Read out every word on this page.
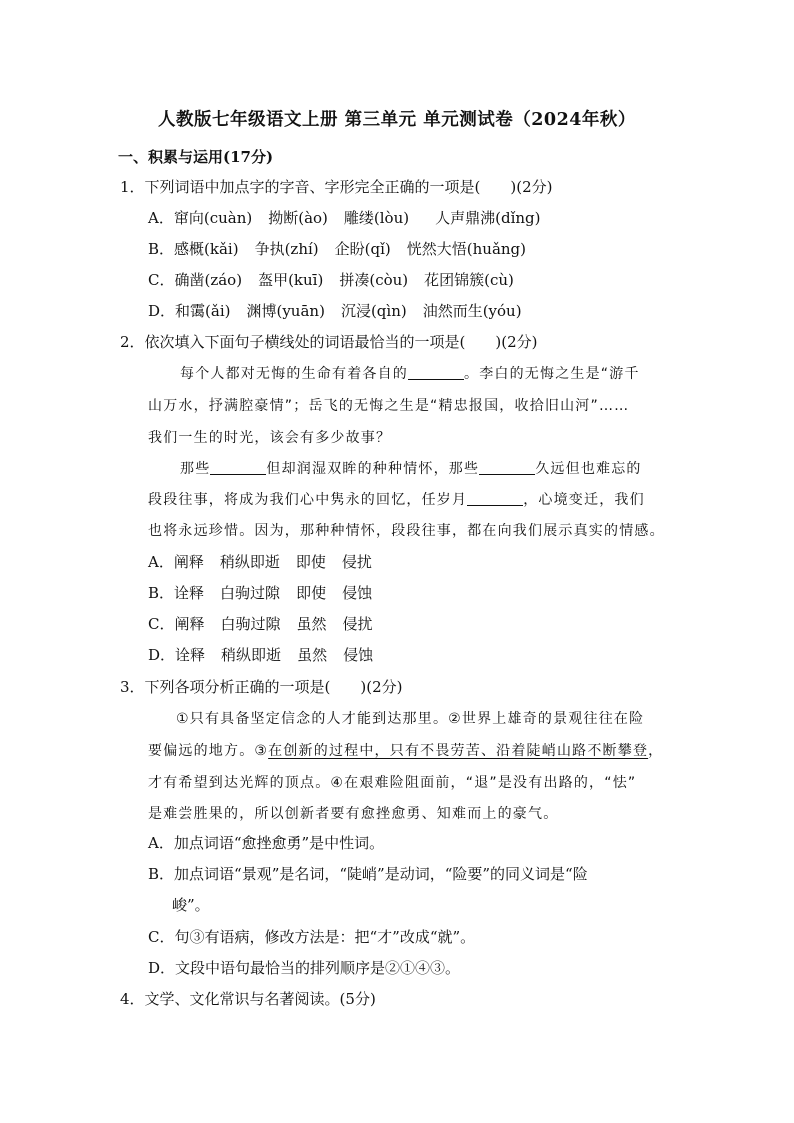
人教版七年级语文上册 第三单元 单元测试卷（2024年秋）
一、积累与运用(17分)
1．下列词语中加点字的字音、字形完全正确的一项是(　　)(2分)
A．窜向(cuàn) 拗断(ào) 雕缕(lòu) 人声鼎沸(dǐng)
B．感概(kǎi) 争执(zhí) 企盼(qǐ) 恍然大悟(huǎng)
C．确凿(záo) 盔甲(kuī) 拼凑(còu) 花团锦簇(cù)
D．和霭(ǎi) 渊博(yuān) 沉浸(qìn) 油然而生(yóu)
2．依次填入下面句子横线处的词语最恰当的一项是(　　)(2分)
每个人都对无悔的生命有着各自的	。李白的无悔之生是“游千
山万水，抒满腔豪情”；岳飞的无悔之生是“精忠报国，收拾旧山河”……
我们一生的时光，该会有多少故事？
那些	但却润湿双眸的种种情怀，那些	久远但也难忘的
段段往事，将成为我们心中隽永的回忆，任岁月	，心境变迁，我们
也将永远珍惜。因为，那种种情怀，段段往事，都在向我们展示真实的情感。
A．阐释 稍纵即逝 即使 侵扰
B．诠释 白驹过隙 即使 侵蚀
C．阐释 白驹过隙 虽然 侵扰
D．诠释 稍纵即逝 虽然 侵蚀
3．下列各项分析正确的一项是(　　)(2分)
①只有具备坚定信念的人才能到达那里。②世界上雄奇的景观往往在险
要偏远的地方。③在创新的过程中，只有不畏劳苦、沿着陡峭山路不断攀登，
才有希望到达光辉的顶点。④在艰难险阻面前，“退”是没有出路的，“怯”
是难尝胜果的，所以创新者要有愈挫愈勇、知难而上的豪气。
A．加点词语“愈挫愈勇”是中性词。
B．加点词语“景观”是名词，“陡峭”是动词，“险要”的同义词是“险
峻”。
C．句③有语病，修改方法是：把“才”改成“就”。
D．文段中语句最恰当的排列顺序是②①④③。
4．文学、文化常识与名著阅读。(5分)
